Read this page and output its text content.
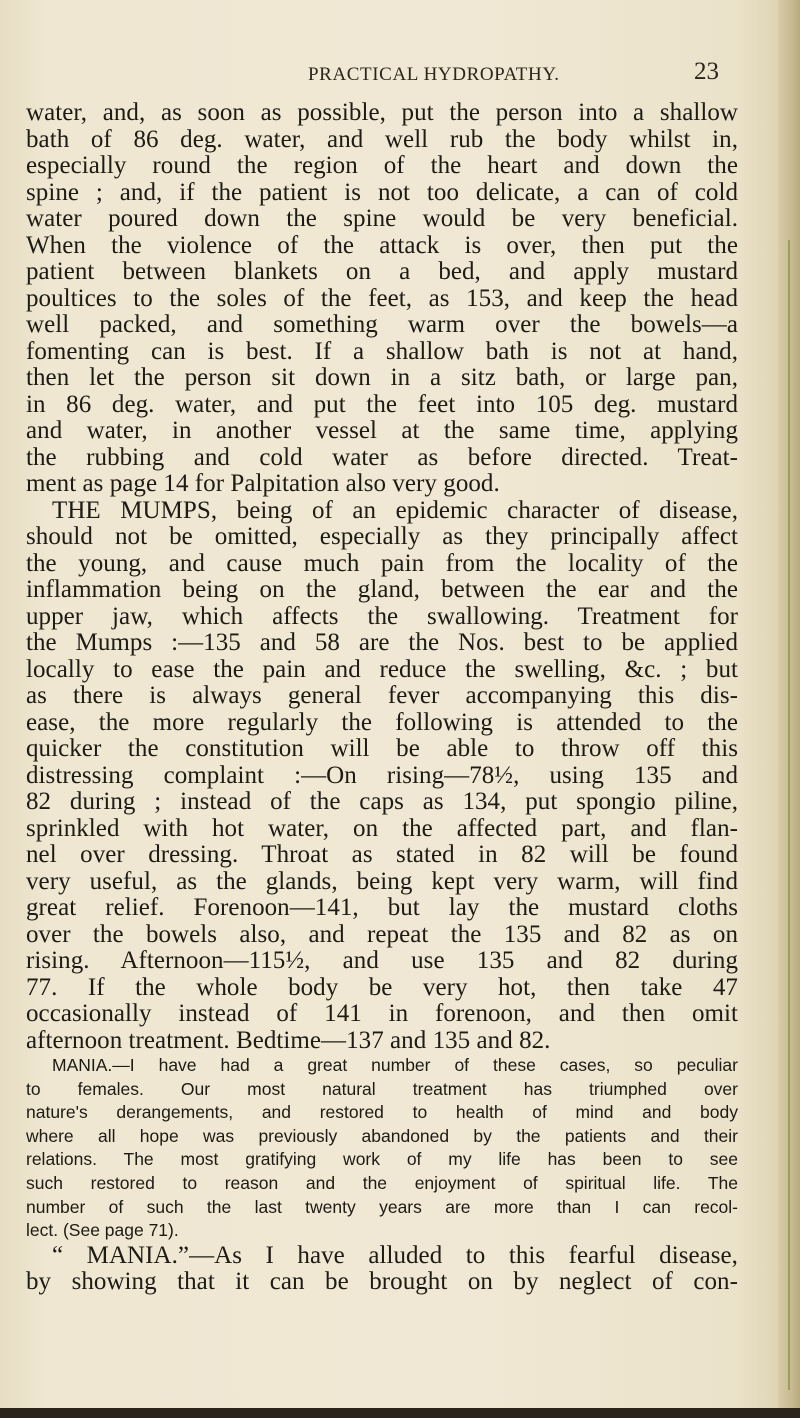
PRACTICAL HYDROPATHY.	23
water, and, as soon as possible, put the person into a shallow
bath of 86 deg. water, and well rub the body whilst in,
especially round the region of the heart and down the
spine ; and, if the patient is not too delicate, a can of cold
water poured down the spine would be very beneficial.
When the violence of the attack is over, then put the
patient between blankets on a bed, and apply mustard
poultices to the soles of the feet, as 153, and keep the head
well packed, and something warm over the bowels—a
fomenting can is best. If a shallow bath is not at hand,
then let the person sit down in a sitz bath, or large pan,
in 86 deg. water, and put the feet into 105 deg. mustard
and water, in another vessel at the same time, applying
the rubbing and cold water as before directed. Treat-
ment as page 14 for Palpitation also very good.
THE MUMPS, being of an epidemic character of disease,
should not be omitted, especially as they principally affect
the young, and cause much pain from the locality of the
inflammation being on the gland, between the ear and the
upper jaw, which affects the swallowing. Treatment for
the Mumps :—135 and 58 are the Nos. best to be applied
locally to ease the pain and reduce the swelling, &c. ; but
as there is always general fever accompanying this dis-
ease, the more regularly the following is attended to the
quicker the constitution will be able to throw off this
distressing complaint :—On rising—78½, using 135 and
82 during ; instead of the caps as 134, put spongio piline,
sprinkled with hot water, on the affected part, and flan-
nel over dressing. Throat as stated in 82 will be found
very useful, as the glands, being kept very warm, will find
great relief. Forenoon—141, but lay the mustard cloths
over the bowels also, and repeat the 135 and 82 as on
rising. Afternoon—115½, and use 135 and 82 during
77. If the whole body be very hot, then take 47
occasionally instead of 141 in forenoon, and then omit
afternoon treatment. Bedtime—137 and 135 and 82.
MANIA.—I have had a great number of these cases, so peculiar
to females. Our most natural treatment has triumphed over
nature's derangements, and restored to health of mind and body
where all hope was previously abandoned by the patients and their
relations. The most gratifying work of my life has been to see
such restored to reason and the enjoyment of spiritual life. The
number of such the last twenty years are more than I can recol-
lect. (See page 71).
“ MANIA.”—As I have alluded to this fearful disease,
by showing that it can be brought on by neglect of con-
